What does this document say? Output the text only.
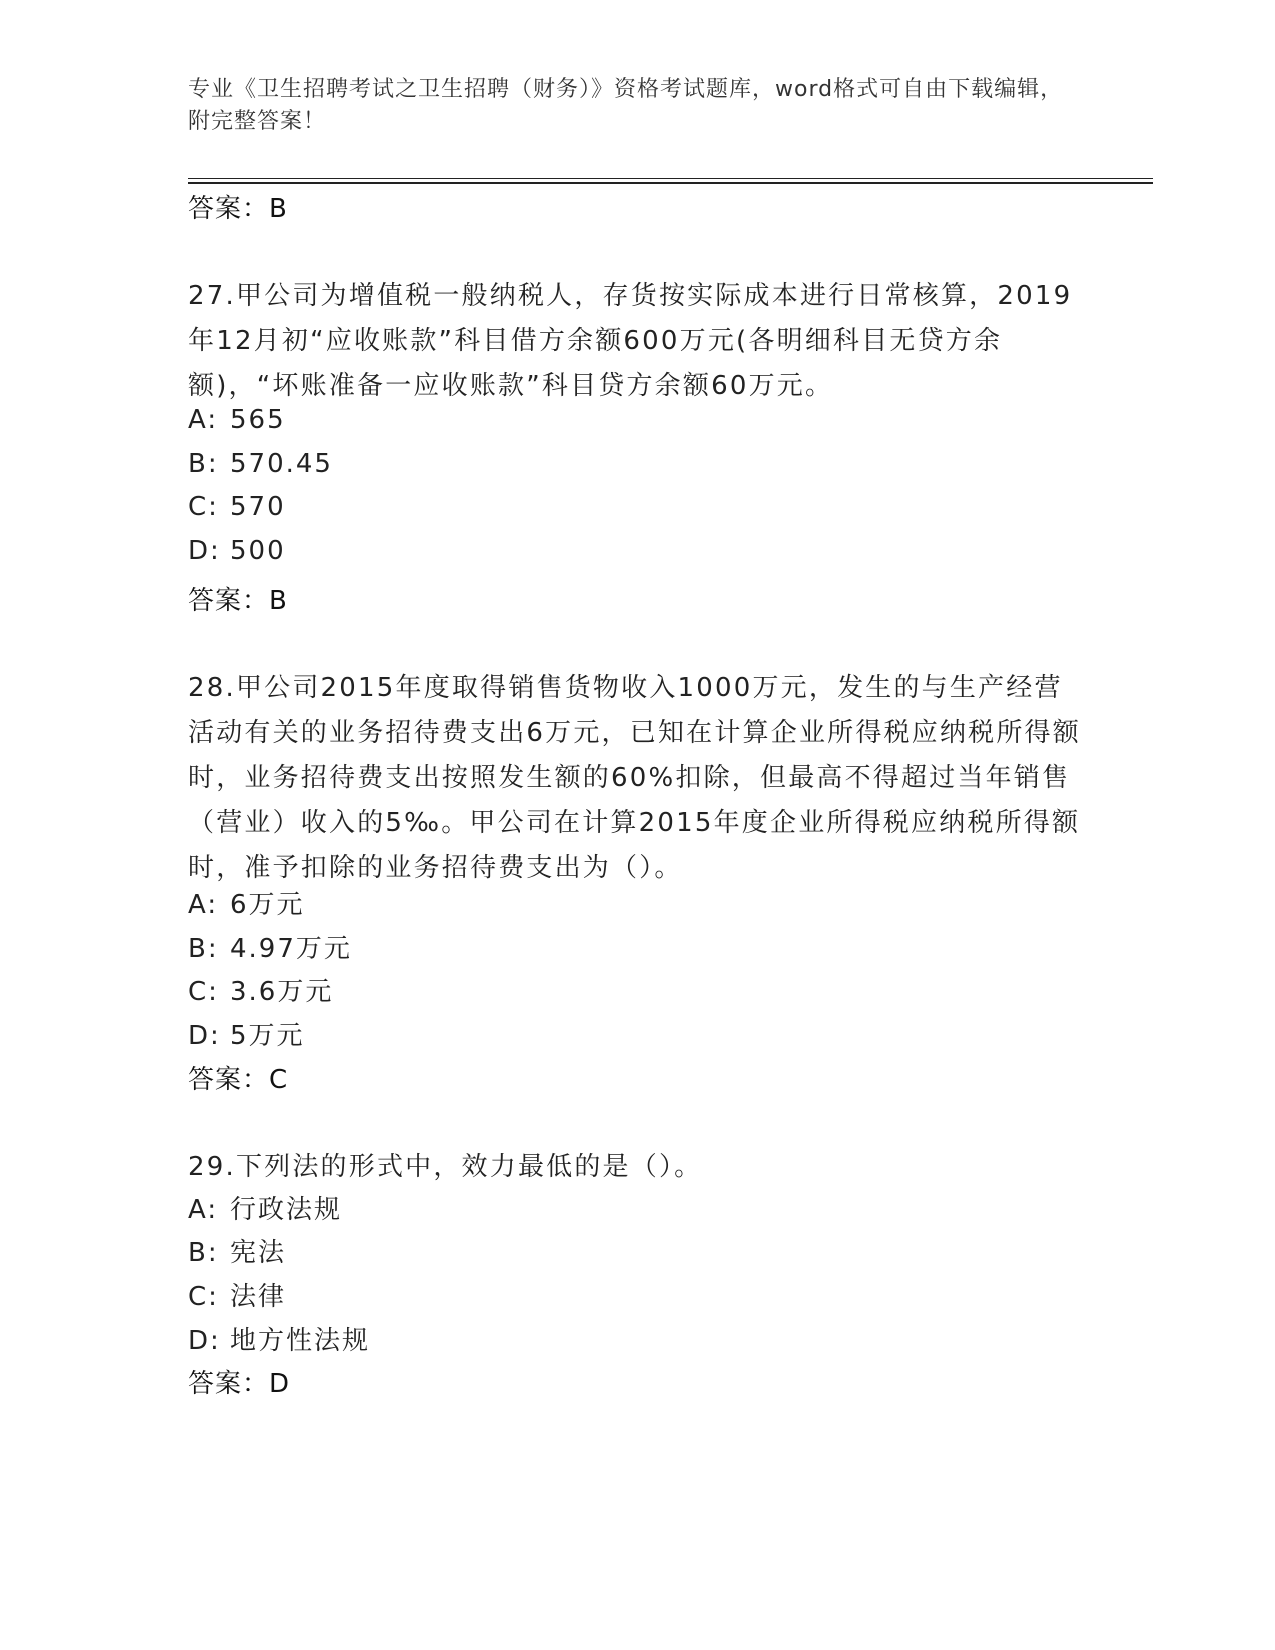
专业《卫生招聘考试之卫生招聘（财务）》资格考试题库，word格式可自由下载编辑，附完整答案！
答案：B
27.甲公司为增值税一般纳税人，存货按实际成本进行日常核算，2019年12月初“应收账款”科目借方余额600万元(各明细科目无贷方余额)，“坏账准备一应收账款”科目贷方余额60万元。
A: 565
B: 570.45
C: 570
D: 500
答案：B
28.甲公司2015年度取得销售货物收入1000万元，发生的与生产经营活动有关的业务招待费支出6万元，已知在计算企业所得税应纳税所得额时，业务招待费支出按照发生额的60%扣除，但最高不得超过当年销售（营业）收入的5‰。甲公司在计算2015年度企业所得税应纳税所得额时，准予扣除的业务招待费支出为（）。
A: 6万元
B: 4.97万元
C: 3.6万元
D: 5万元
答案：C
29.下列法的形式中，效力最低的是（）。
A: 行政法规
B: 宪法
C: 法律
D: 地方性法规
答案：D
